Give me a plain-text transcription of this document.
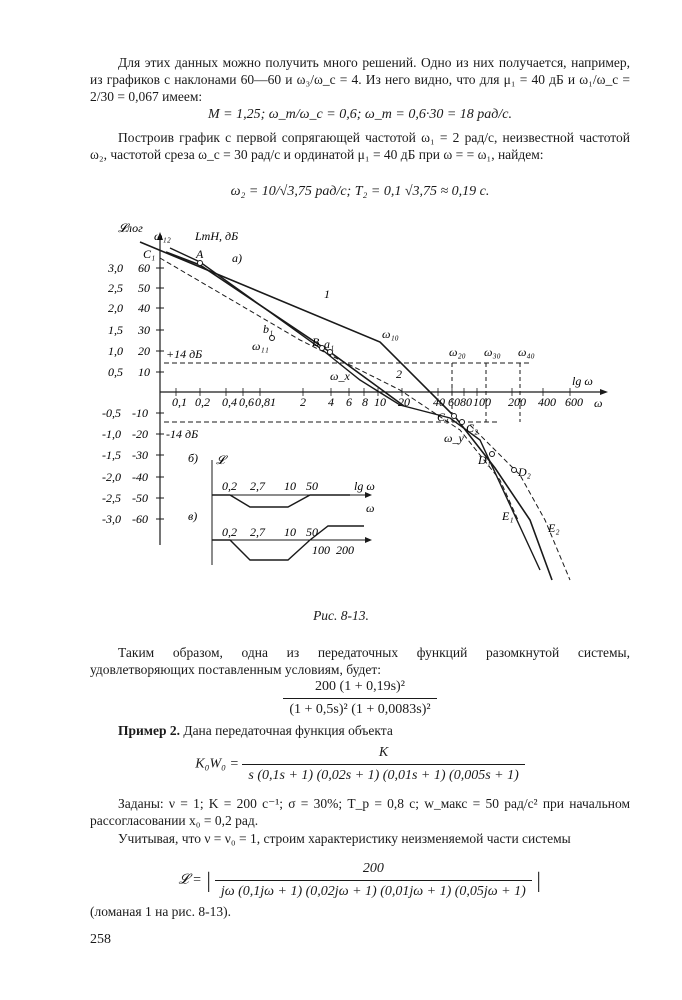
Для этих данных можно получить много решений. Одно из них получается, например, из графиков с наклонами 60—60 и ω₃/ω_с = 4. Из него видно, что для μ₁ = 40 дБ и ω₁/ω_с = 2/30 = 0,067 имеем:

M = 1,25; ω_m/ω_c = 0,6; ω_m = 0,6·30 = 18 рад/с.

Построив график с первой сопрягающей частотой ω₁ = 2 рад/с, неизвестной частотой ω₂, частотой среза ω_с = 30 рад/с и ординатой μ₁ = 40 дБ при ω = = ω₁, найдем:

ω₂ = 10/√3,75 рад/с; T₂ = 0,1 √3,75 ≈ 0,19 с.

𝓛лог
LmH, дБ
а)
3,0 60
2,5 50
2,0 40
1,5 30
1,0 20
0,5 10
-0,5 -10
-1,0 -20
-1,5 -30
-2,0 -40
-2,5 -50
-3,0 -60
0,1 0,2 0,4 0,6 0,81 2 4 6 8 10 20 40 60 80 100 200 400 600 ω
lg ω
+14 дБ
-14 дБ
C₁
ω₁₂
A
b₁
ω₁₁	B a₁
ω_x
1
2
ω₁₀
ω₂₀ ω₃₀ ω₄₀
C₁
C₂
ω_y
D₁
D₂
E₁
E₂
б) 𝓛
0,2 2,7 10 50	lg ω
ω
в)
0,2 2,7 10 50
100 200
Рис. 8-13.

Таким образом, одна из передаточных функций разомкнутой системы, удовлетворяющих поставленным условиям, будет:

$\frac{\text{200 (1 + 0,19s)²}}{\text{(1 + 0,5s)² (1 + 0,0083s)²}}$

Пример 2. Дана передаточная функция объекта

$K_0W_0 = \frac{K}{s (0,1s + 1) (0,02s + 1) (0,01s + 1) (0,005s + 1)}$

Заданы: ν = 1; K = 200 с⁻¹; σ = 30%; T_p = 0,8 с; w_макс = 50 рад/с² при начальном рассогласовании x₀ = 0,2 рад.

Учитывая, что ν = ν₀ = 1, строим характеристику неизменяемой части системы

𝓛 = | $\frac{200}{j\omega (0,1j\omega + 1) (0,02j\omega + 1) (0,01j\omega + 1) (0,05j\omega + 1)}$ |

(ломаная 1 на рис. 8-13).

258
